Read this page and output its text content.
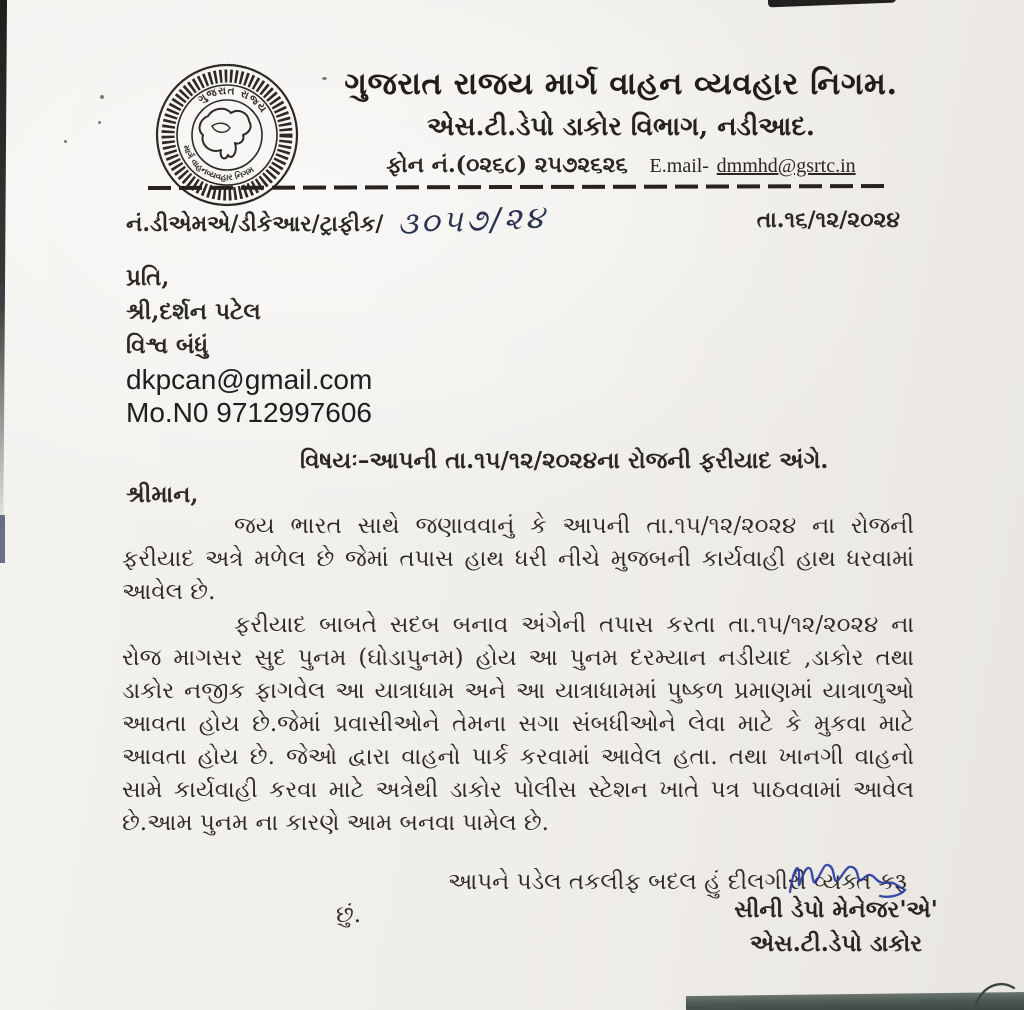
ગુજરાત રાજ્ય
માર્ગ વાહનવ્યવહાર નિગમ
ગુજરાત રાજય માર્ગ વાહન વ્યવહાર નિગમ.
એસ.ટી.ડેપો ડાકોર વિભાગ, નડીઆદ.
ફોન નં.(૦૨૬૮) ૨૫૭૨૬૨૬ E.mail- dmmhd@gsrtc.in
નં.ડીએમએ/ડીકેઆર/ટ્રાફીક/ ૩૦૫૭/૨૪	તા.૧૬/૧૨/૨૦૨૪
પ્રતિ,
શ્રી,દર્શન પટેલ
વિશ્વ બંધું
dkpcan@gmail.com
Mo.N0 9712997606
વિષયઃ–આપની તા.૧૫/૧૨/૨૦૨૪ના રોજની ફરીયાદ અંગે.
શ્રીમાન,

જય ભારત સાથે જણાવવાનું કે આપની તા.૧૫/૧૨/૨૦૨૪ ના રોજની ફરીયાદ અત્રે મળેલ છે જેમાં તપાસ હાથ ધરી નીચે મુજબની કાર્યવાહી હાથ ધરવામાં આવેલ છે.

ફરીયાદ બાબતે સદબ બનાવ અંગેની તપાસ કરતા તા.૧૫/૧૨/૨૦૨૪ ના રોજ માગસર સુદ પુનમ (ઘોડાપુનમ) હોય આ પુનમ દરમ્યાન નડીયાદ ,ડાકોર તથા ડાકોર નજીક ફાગવેલ આ યાત્રાધામ અને આ યાત્રાધામમાં પુષ્કળ પ્રમાણમાં યાત્રાળુઓ આવતા હોય છે.જેમાં પ્રવાસીઓને તેમના સગા સંબધીઓને લેવા માટે કે મુકવા માટે આવતા હોય છે. જેઓ દ્વારા વાહનો પાર્ક કરવામાં આવેલ હતા. તથા ખાનગી વાહનો સામે કાર્યવાહી કરવા માટે અત્રેથી ડાકોર પોલીસ સ્ટેશન ખાતે પત્ર પાઠવવામાં આવેલ છે.આમ પુનમ ના કારણે આમ બનવા પામેલ છે.

આપને પડેલ તકલીફ બદલ હું દીલગીરી વ્યક્ત કરૂ છું.	સીની ડેપો મેનેજર'એ'
એસ.ટી.ડેપો ડાકોર
